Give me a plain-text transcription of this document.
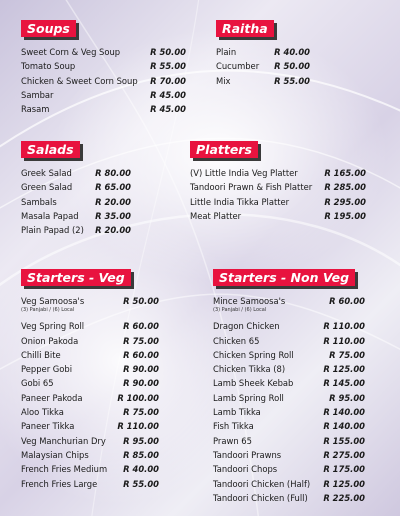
Soups
Sweet Corn & Veg Soup	R 50.00
Tomato Soup	R 55.00
Chicken & Sweet Corn Soup R 70.00
Sambar	R 45.00
Rasam	R 45.00
Raitha
Plain	R 40.00
Cucumber R 50.00
Mix	R 55.00
Salads
Greek Salad	R 80.00
Green Salad	R 65.00
Sambals	R 20.00
Masala Papad R 35.00
Plain Papad (2) R 20.00
Platters
(V) Little India Veg Platter	R 165.00
Tandoori Prawn & Fish Platter R 285.00
Little India Tikka Platter	R 295.00
Meat Platter	R 195.00
Starters - Veg
Veg Samoosa's	R 50.00
(3) Panjabi / (6) Local
Veg Spring Roll	R 60.00
Onion Pakoda	R 75.00
Chilli Bite	R 60.00
Pepper Gobi	R 90.00
Gobi 65	R 90.00
Paneer Pakoda	R 100.00
Aloo Tikka	R 75.00
Paneer Tikka	R 110.00
Veg Manchurian Dry R 95.00
Malaysian Chips	R 85.00
French Fries Medium R 40.00
French Fries Large	R 55.00
Starters - Non Veg
Mince Samoosa's	R 60.00
(3) Panjabi / (6) Local
Dragon Chicken	R 110.00
Chicken 65	R 110.00
Chicken Spring Roll	R 75.00
Chicken Tikka (8)	R 125.00
Lamb Sheek Kebab	R 145.00
Lamb Spring Roll	R 95.00
Lamb Tikka	R 140.00
Fish Tikka	R 140.00
Prawn 65	R 155.00
Tandoori Prawns	R 275.00
Tandoori Chops	R 175.00
Tandoori Chicken (Half) R 125.00
Tandoori Chicken (Full) R 225.00
